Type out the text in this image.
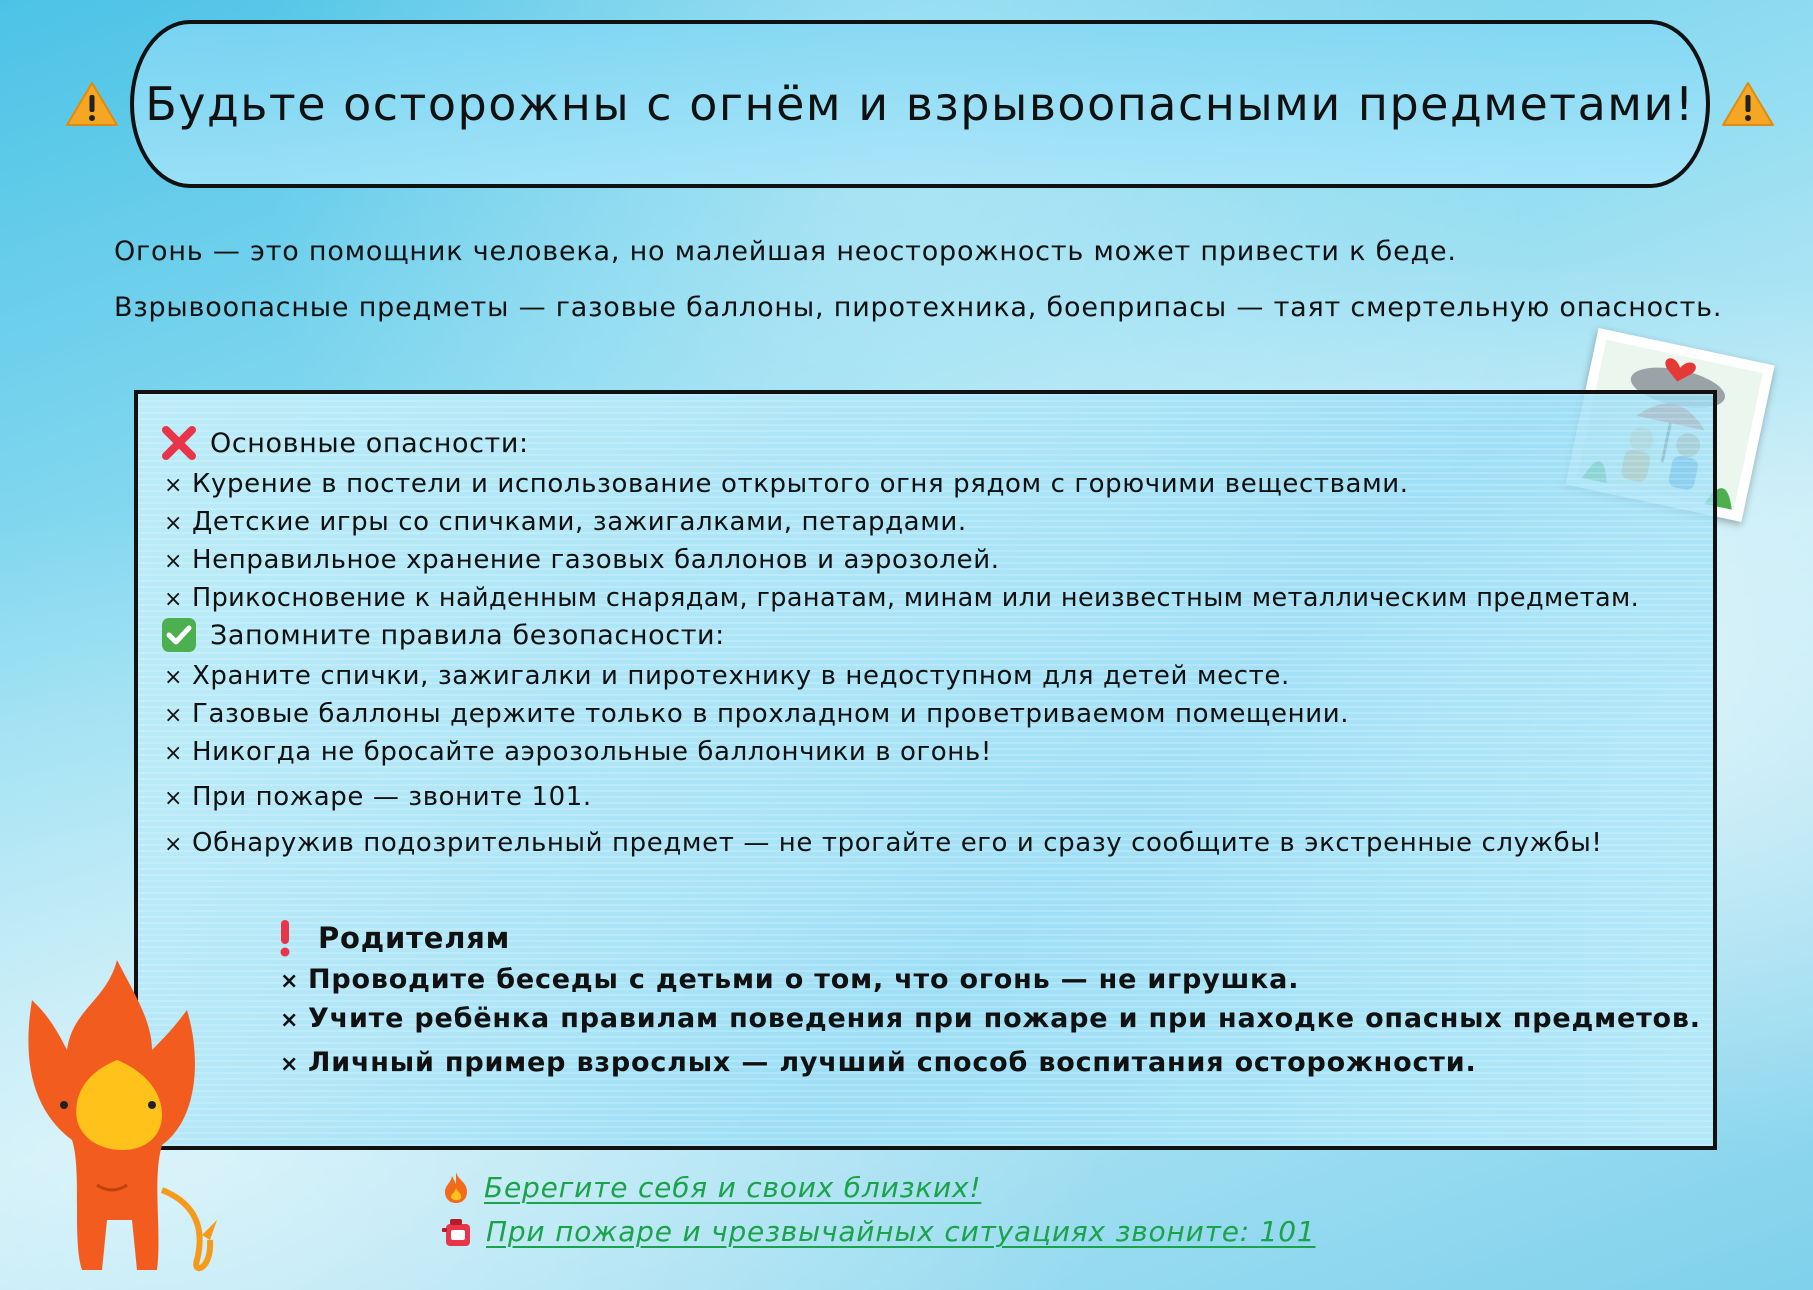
Будьте осторожны с огнём и взрывоопасными предметами!
Огонь — это помощник человека, но малейшая неосторожность может привести к беде.
Взрывоопасные предметы — газовые баллоны, пиротехника, боеприпасы — таят смертельную опасность.
Основные опасности:
× Курение в постели и использование открытого огня рядом с горючими веществами.
× Детские игры со спичками, зажигалками, петардами.
× Неправильное хранение газовых баллонов и аэрозолей.
× Прикосновение к найденным снарядам, гранатам, минам или неизвестным металлическим предметам.
Запомните правила безопасности:
× Храните спички, зажигалки и пиротехнику в недоступном для детей месте.
× Газовые баллоны держите только в прохладном и проветриваемом помещении.
× Никогда не бросайте аэрозольные баллончики в огонь!
× При пожаре — звоните 101.
× Обнаружив подозрительный предмет — не трогайте его и сразу сообщите в экстренные службы!
Родителям
× Проводите беседы с детьми о том, что огонь — не игрушка.
× Учите ребёнка правилам поведения при пожаре и при находке опасных предметов.
× Личный пример взрослых — лучший способ воспитания осторожности.
Берегите себя и своих близких!
При пожаре и чрезвычайных ситуациях звоните: 101
